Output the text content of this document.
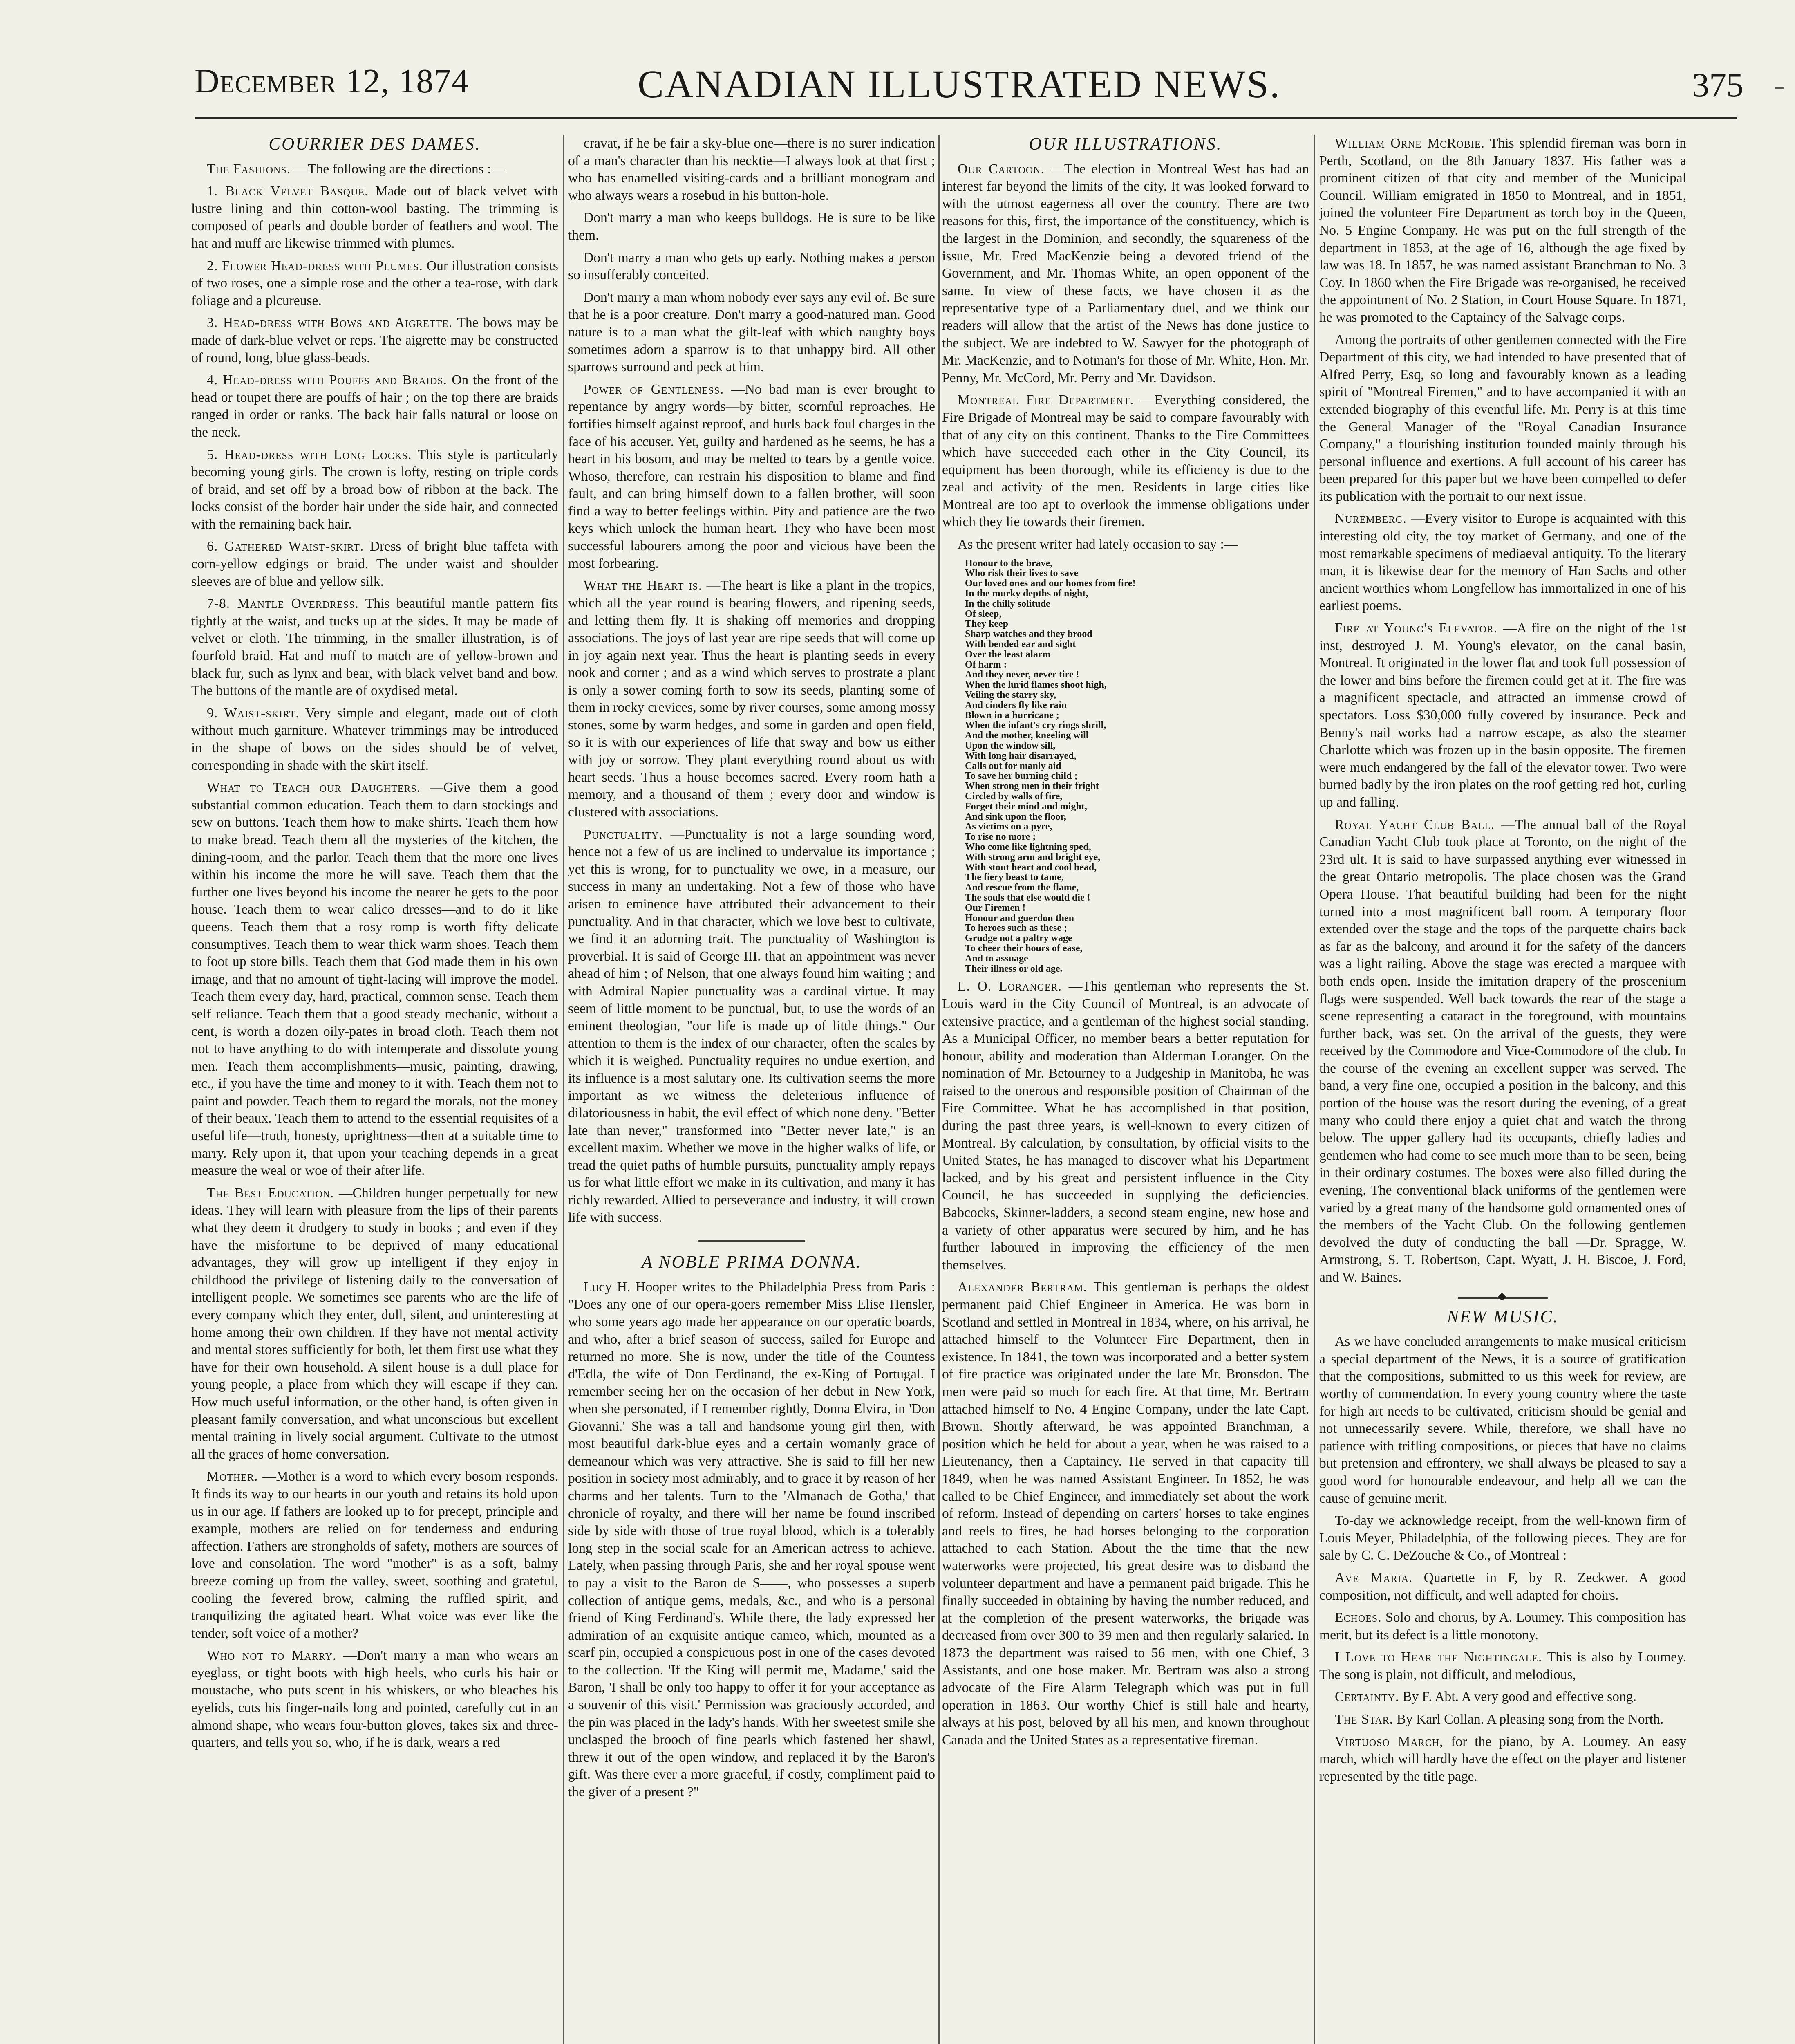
December 12, 1874	CANADIAN ILLUSTRATED NEWS.	375
COURRIER DES DAMES.
The Fashions. —The following are the directions :—
1. Black Velvet Basque. Made out of black velvet with lustre lining and thin cotton-wool basting. The trimming is composed of pearls and double border of feathers and wool. The hat and muff are likewise trimmed with plumes.
2. Flower Head-dress with Plumes. Our illustration consists of two roses, one a simple rose and the other a tea-rose, with dark foliage and a plcureuse.
3. Head-dress with Bows and Aigrette. The bows may be made of dark-blue velvet or reps. The aigrette may be constructed of round, long, blue glass-beads.
4. Head-dress with Pouffs and Braids. On the front of the head or toupet there are pouffs of hair ; on the top there are braids ranged in order or ranks. The back hair falls natural or loose on the neck.
5. Head-dress with Long Locks. This style is particularly becoming young girls. The crown is lofty, resting on triple cords of braid, and set off by a broad bow of ribbon at the back. The locks consist of the border hair under the side hair, and connected with the remaining back hair.
6. Gathered Waist-skirt. Dress of bright blue taffeta with corn-yellow edgings or braid. The under waist and shoulder sleeves are of blue and yellow silk.
7-8. Mantle Overdress. This beautiful mantle pattern fits tightly at the waist, and tucks up at the sides. It may be made of velvet or cloth. The trimming, in the smaller illustration, is of fourfold braid. Hat and muff to match are of yellow-brown and black fur, such as lynx and bear, with black velvet band and bow. The buttons of the mantle are of oxydised metal.
9. Waist-skirt. Very simple and elegant, made out of cloth without much garniture. Whatever trimmings may be introduced in the shape of bows on the sides should be of velvet, corresponding in shade with the skirt itself.
What to Teach our Daughters. —Give them a good substantial common education. Teach them to darn stockings and sew on buttons. Teach them how to make shirts. Teach them how to make bread. Teach them all the mysteries of the kitchen, the dining-room, and the parlor. Teach them that the more one lives within his income the more he will save. Teach them that the further one lives beyond his income the nearer he gets to the poor house. Teach them to wear calico dresses—and to do it like queens. Teach them that a rosy romp is worth fifty delicate consumptives. Teach them to wear thick warm shoes. Teach them to foot up store bills. Teach them that God made them in his own image, and that no amount of tight-lacing will improve the model. Teach them every day, hard, practical, common sense. Teach them self reliance. Teach them that a good steady mechanic, without a cent, is worth a dozen oily-pates in broad cloth. Teach them not not to have anything to do with intemperate and dissolute young men. Teach them accomplishments—music, painting, drawing, etc., if you have the time and money to it with. Teach them not to paint and powder. Teach them to regard the morals, not the money of their beaux. Teach them to attend to the essential requisites of a useful life—truth, honesty, uprightness—then at a suitable time to marry. Rely upon it, that upon your teaching depends in a great measure the weal or woe of their after life.
The Best Education. —Children hunger perpetually for new ideas. They will learn with pleasure from the lips of their parents what they deem it drudgery to study in books ; and even if they have the misfortune to be deprived of many educational advantages, they will grow up intelligent if they enjoy in childhood the privilege of listening daily to the conversation of intelligent people. We sometimes see parents who are the life of every company which they enter, dull, silent, and uninteresting at home among their own children. If they have not mental activity and mental stores sufficiently for both, let them first use what they have for their own household. A silent house is a dull place for young people, a place from which they will escape if they can. How much useful information, or the other hand, is often given in pleasant family conversation, and what unconscious but excellent mental training in lively social argument. Cultivate to the utmost all the graces of home conversation.
Mother. —Mother is a word to which every bosom responds. It finds its way to our hearts in our youth and retains its hold upon us in our age. If fathers are looked up to for precept, principle and example, mothers are relied on for tenderness and enduring affection. Fathers are strongholds of safety, mothers are sources of love and consolation. The word "mother" is as a soft, balmy breeze coming up from the valley, sweet, soothing and grateful, cooling the fevered brow, calming the ruffled spirit, and tranquilizing the agitated heart. What voice was ever like the tender, soft voice of a mother?
Who not to Marry. —Don't marry a man who wears an eyeglass, or tight boots with high heels, who curls his hair or moustache, who puts scent in his whiskers, or who bleaches his eyelids, cuts his finger-nails long and pointed, carefully cut in an almond shape, who wears four-button gloves, takes six and three-quarters, and tells you so, who, if he is dark, wears a red
cravat, if he be fair a sky-blue one—there is no surer indication of a man's character than his necktie—I always look at that first ; who has enamelled visiting-cards and a brilliant monogram and who always wears a rosebud in his button-hole.
Don't marry a man who keeps bulldogs. He is sure to be like them.
Don't marry a man who gets up early. Nothing makes a person so insufferably conceited.
Don't marry a man whom nobody ever says any evil of. Be sure that he is a poor creature. Don't marry a good-natured man. Good nature is to a man what the gilt-leaf with which naughty boys sometimes adorn a sparrow is to that unhappy bird. All other sparrows surround and peck at him.
Power of Gentleness. —No bad man is ever brought to repentance by angry words—by bitter, scornful reproaches. He fortifies himself against reproof, and hurls back foul charges in the face of his accuser. Yet, guilty and hardened as he seems, he has a heart in his bosom, and may be melted to tears by a gentle voice. Whoso, therefore, can restrain his disposition to blame and find fault, and can bring himself down to a fallen brother, will soon find a way to better feelings within. Pity and patience are the two keys which unlock the human heart. They who have been most successful labourers among the poor and vicious have been the most forbearing.
What the Heart is. —The heart is like a plant in the tropics, which all the year round is bearing flowers, and ripening seeds, and letting them fly. It is shaking off memories and dropping associations. The joys of last year are ripe seeds that will come up in joy again next year. Thus the heart is planting seeds in every nook and corner ; and as a wind which serves to prostrate a plant is only a sower coming forth to sow its seeds, planting some of them in rocky crevices, some by river courses, some among mossy stones, some by warm hedges, and some in garden and open field, so it is with our experiences of life that sway and bow us either with joy or sorrow. They plant everything round about us with heart seeds. Thus a house becomes sacred. Every room hath a memory, and a thousand of them ; every door and window is clustered with associations.
Punctuality. —Punctuality is not a large sounding word, hence not a few of us are inclined to undervalue its importance ; yet this is wrong, for to punctuality we owe, in a measure, our success in many an undertaking. Not a few of those who have arisen to eminence have attributed their advancement to their punctuality. And in that character, which we love best to cultivate, we find it an adorning trait. The punctuality of Washington is proverbial. It is said of George III. that an appointment was never ahead of him ; of Nelson, that one always found him waiting ; and with Admiral Napier punctuality was a cardinal virtue. It may seem of little moment to be punctual, but, to use the words of an eminent theologian, "our life is made up of little things." Our attention to them is the index of our character, often the scales by which it is weighed. Punctuality requires no undue exertion, and its influence is a most salutary one. Its cultivation seems the more important as we witness the deleterious influence of dilatoriousness in habit, the evil effect of which none deny. "Better late than never," transformed into "Better never late," is an excellent maxim. Whether we move in the higher walks of life, or tread the quiet paths of humble pursuits, punctuality amply repays us for what little effort we make in its cultivation, and many it has richly rewarded. Allied to perseverance and industry, it will crown life with success.
A NOBLE PRIMA DONNA.
Lucy H. Hooper writes to the Philadelphia Press from Paris : "Does any one of our opera-goers remember Miss Elise Hensler, who some years ago made her appearance on our operatic boards, and who, after a brief season of success, sailed for Europe and returned no more. She is now, under the title of the Countess d'Edla, the wife of Don Ferdinand, the ex-King of Portugal. I remember seeing her on the occasion of her debut in New York, when she personated, if I remember rightly, Donna Elvira, in 'Don Giovanni.' She was a tall and handsome young girl then, with most beautiful dark-blue eyes and a certain womanly grace of demeanour which was very attractive. She is said to fill her new position in society most admirably, and to grace it by reason of her charms and her talents. Turn to the 'Almanach de Gotha,' that chronicle of royalty, and there will her name be found inscribed side by side with those of true royal blood, which is a tolerably long step in the social scale for an American actress to achieve. Lately, when passing through Paris, she and her royal spouse went to pay a visit to the Baron de S——, who possesses a superb collection of antique gems, medals, &c., and who is a personal friend of King Ferdinand's. While there, the lady expressed her admiration of an exquisite antique cameo, which, mounted as a scarf pin, occupied a conspicuous post in one of the cases devoted to the collection. 'If the King will permit me, Madame,' said the Baron, 'I shall be only too happy to offer it for your acceptance as a souvenir of this visit.' Permission was graciously accorded, and the pin was placed in the lady's hands. With her sweetest smile she unclasped the brooch of fine pearls which fastened her shawl, threw it out of the open window, and replaced it by the Baron's gift. Was there ever a more graceful, if costly, compliment paid to the giver of a present ?"
OUR ILLUSTRATIONS.
Our Cartoon. —The election in Montreal West has had an interest far beyond the limits of the city. It was looked forward to with the utmost eagerness all over the country. There are two reasons for this, first, the importance of the constituency, which is the largest in the Dominion, and secondly, the squareness of the issue, Mr. Fred MacKenzie being a devoted friend of the Government, and Mr. Thomas White, an open opponent of the same. In view of these facts, we have chosen it as the representative type of a Parliamentary duel, and we think our readers will allow that the artist of the News has done justice to the subject. We are indebted to W. Sawyer for the photograph of Mr. MacKenzie, and to Notman's for those of Mr. White, Hon. Mr. Penny, Mr. McCord, Mr. Perry and Mr. Davidson.
Montreal Fire Department. —Everything considered, the Fire Brigade of Montreal may be said to compare favourably with that of any city on this continent. Thanks to the Fire Committees which have succeeded each other in the City Council, its equipment has been thorough, while its efficiency is due to the zeal and activity of the men. Residents in large cities like Montreal are too apt to overlook the immense obligations under which they lie towards their firemen.
As the present writer had lately occasion to say :—
Honour to the brave,
Who risk their lives to save
Our loved ones and our homes from fire!
In the murky depths of night,
In the chilly solitude
Of sleep,
They keep
Sharp watches and they brood
With bended ear and sight
Over the least alarm
Of harm :
And they never, never tire !
When the lurid flames shoot high,
Veiling the starry sky,
And cinders fly like rain
Blown in a hurricane ;
When the infant's cry rings shrill,
And the mother, kneeling will
Upon the window sill,
With long hair disarrayed,
Calls out for manly aid
To save her burning child ;
When strong men in their fright
Circled by walls of fire,
Forget their mind and might,
And sink upon the floor,
As victims on a pyre,
To rise no more ;
Who come like lightning sped,
With strong arm and bright eye,
With stout heart and cool head,
The fiery beast to tame,
And rescue from the flame,
The souls that else would die !
Our Firemen !
Honour and guerdon then
To heroes such as these ;
Grudge not a paltry wage
To cheer their hours of ease,
And to assuage
Their illness or old age.
L. O. Loranger. —This gentleman who represents the St. Louis ward in the City Council of Montreal, is an advocate of extensive practice, and a gentleman of the highest social standing. As a Municipal Officer, no member bears a better reputation for honour, ability and moderation than Alderman Loranger. On the nomination of Mr. Betourney to a Judgeship in Manitoba, he was raised to the onerous and responsible position of Chairman of the Fire Committee. What he has accomplished in that position, during the past three years, is well-known to every citizen of Montreal. By calculation, by consultation, by official visits to the United States, he has managed to discover what his Department lacked, and by his great and persistent influence in the City Council, he has succeeded in supplying the deficiencies. Babcocks, Skinner-ladders, a second steam engine, new hose and a variety of other apparatus were secured by him, and he has further laboured in improving the efficiency of the men themselves.
Alexander Bertram. This gentleman is perhaps the oldest permanent paid Chief Engineer in America. He was born in Scotland and settled in Montreal in 1834, where, on his arrival, he attached himself to the Volunteer Fire Department, then in existence. In 1841, the town was incorporated and a better system of fire practice was originated under the late Mr. Bronsdon. The men were paid so much for each fire. At that time, Mr. Bertram attached himself to No. 4 Engine Company, under the late Capt. Brown. Shortly afterward, he was appointed Branchman, a position which he held for about a year, when he was raised to a Lieutenancy, then a Captaincy. He served in that capacity till 1849, when he was named Assistant Engineer. In 1852, he was called to be Chief Engineer, and immediately set about the work of reform. Instead of depending on carters' horses to take engines and reels to fires, he had horses belonging to the corporation attached to each Station. About the the time that the new waterworks were projected, his great desire was to disband the volunteer department and have a permanent paid brigade. This he finally succeeded in obtaining by having the number reduced, and at the completion of the present waterworks, the brigade was decreased from over 300 to 39 men and then regularly salaried. In 1873 the department was raised to 56 men, with one Chief, 3 Assistants, and one hose maker. Mr. Bertram was also a strong advocate of the Fire Alarm Telegraph which was put in full operation in 1863. Our worthy Chief is still hale and hearty, always at his post, beloved by all his men, and known throughout Canada and the United States as a representative fireman.
William Orne McRobie. This splendid fireman was born in Perth, Scotland, on the 8th January 1837. His father was a prominent citizen of that city and member of the Municipal Council. William emigrated in 1850 to Montreal, and in 1851, joined the volunteer Fire Department as torch boy in the Queen, No. 5 Engine Company. He was put on the full strength of the department in 1853, at the age of 16, although the age fixed by law was 18. In 1857, he was named assistant Branchman to No. 3 Coy. In 1860 when the Fire Brigade was re-organised, he received the appointment of No. 2 Station, in Court House Square. In 1871, he was promoted to the Captaincy of the Salvage corps.
Among the portraits of other gentlemen connected with the Fire Department of this city, we had intended to have presented that of Alfred Perry, Esq, so long and favourably known as a leading spirit of "Montreal Firemen," and to have accompanied it with an extended biography of this eventful life. Mr. Perry is at this time the General Manager of the "Royal Canadian Insurance Company," a flourishing institution founded mainly through his personal influence and exertions. A full account of his career has been prepared for this paper but we have been compelled to defer its publication with the portrait to our next issue.
Nuremberg. —Every visitor to Europe is acquainted with this interesting old city, the toy market of Germany, and one of the most remarkable specimens of mediaeval antiquity. To the literary man, it is likewise dear for the memory of Han Sachs and other ancient worthies whom Longfellow has immortalized in one of his earliest poems.
Fire at Young's Elevator. —A fire on the night of the 1st inst, destroyed J. M. Young's elevator, on the canal basin, Montreal. It originated in the lower flat and took full possession of the lower and bins before the firemen could get at it. The fire was a magnificent spectacle, and attracted an immense crowd of spectators. Loss $30,000 fully covered by insurance. Peck and Benny's nail works had a narrow escape, as also the steamer Charlotte which was frozen up in the basin opposite. The firemen were much endangered by the fall of the elevator tower. Two were burned badly by the iron plates on the roof getting red hot, curling up and falling.
Royal Yacht Club Ball. —The annual ball of the Royal Canadian Yacht Club took place at Toronto, on the night of the 23rd ult. It is said to have surpassed anything ever witnessed in the great Ontario metropolis. The place chosen was the Grand Opera House. That beautiful building had been for the night turned into a most magnificent ball room. A temporary floor extended over the stage and the tops of the parquette chairs back as far as the balcony, and around it for the safety of the dancers was a light railing. Above the stage was erected a marquee with both ends open. Inside the imitation drapery of the proscenium flags were suspended. Well back towards the rear of the stage a scene representing a cataract in the foreground, with mountains further back, was set. On the arrival of the guests, they were received by the Commodore and Vice-Commodore of the club. In the course of the evening an excellent supper was served. The band, a very fine one, occupied a position in the balcony, and this portion of the house was the resort during the evening, of a great many who could there enjoy a quiet chat and watch the throng below. The upper gallery had its occupants, chiefly ladies and gentlemen who had come to see much more than to be seen, being in their ordinary costumes. The boxes were also filled during the evening. The conventional black uniforms of the gentlemen were varied by a great many of the handsome gold ornamented ones of the members of the Yacht Club. On the following gentlemen devolved the duty of conducting the ball —Dr. Spragge, W. Armstrong, S. T. Robertson, Capt. Wyatt, J. H. Biscoe, J. Ford, and W. Baines.
◆
NEW MUSIC.
As we have concluded arrangements to make musical criticism a special department of the News, it is a source of gratification that the compositions, submitted to us this week for review, are worthy of commendation. In every young country where the taste for high art needs to be cultivated, criticism should be genial and not unnecessarily severe. While, therefore, we shall have no patience with trifling compositions, or pieces that have no claims but pretension and effrontery, we shall always be pleased to say a good word for honourable endeavour, and help all we can the cause of genuine merit.
To-day we acknowledge receipt, from the well-known firm of Louis Meyer, Philadelphia, of the following pieces. They are for sale by C. C. DeZouche & Co., of Montreal :
Ave Maria. Quartette in F, by R. Zeckwer. A good composition, not difficult, and well adapted for choirs.
Echoes. Solo and chorus, by A. Loumey. This composition has merit, but its defect is a little monotony.
I Love to Hear the Nightingale. This is also by Loumey. The song is plain, not difficult, and melodious,
Certainty. By F. Abt. A very good and effective song.
The Star. By Karl Collan. A pleasing song from the North.
Virtuoso March, for the piano, by A. Loumey. An easy march, which will hardly have the effect on the player and listener represented by the title page.
